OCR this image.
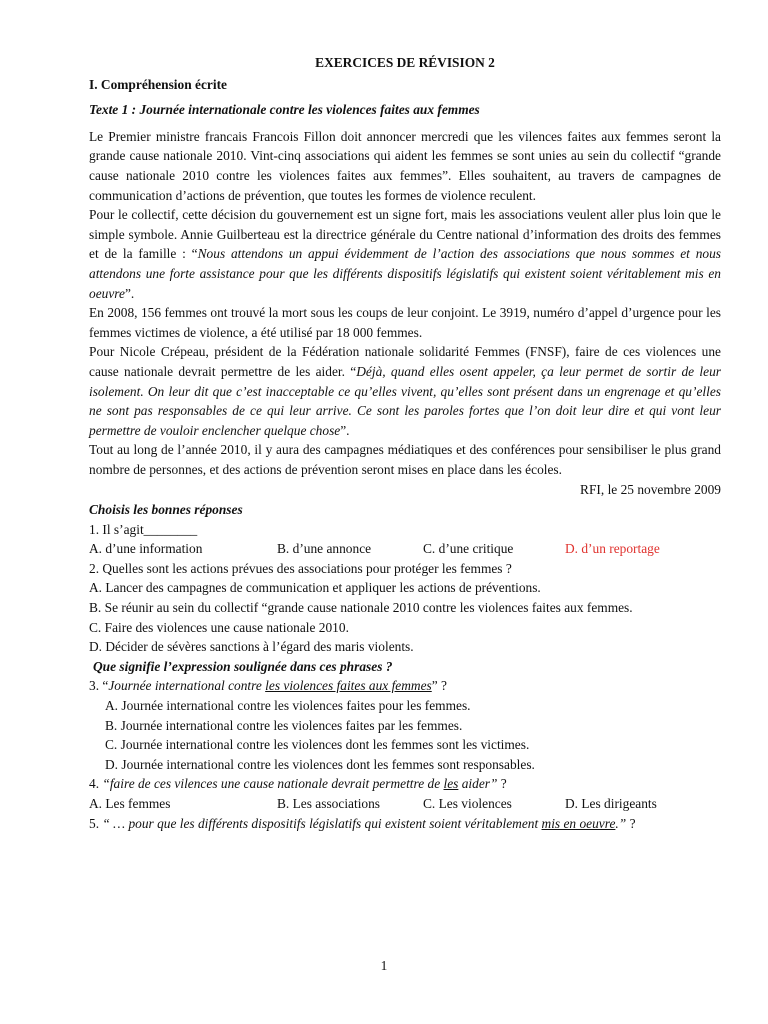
EXERCICES DE RÉVISION 2
I. Compréhension écrite
Texte 1 : Journée internationale contre les violences faites aux femmes

Le Premier ministre francais Francois Fillon doit annoncer mercredi que les vilences faites aux femmes seront la grande cause nationale 2010. Vint-cinq associations qui aident les femmes se sont unies au sein du collectif “grande cause nationale 2010 contre les violences faites aux femmes”. Elles souhaitent, au travers de campagnes de communication d’actions de prévention, que toutes les formes de violence reculent.

Pour le collectif, cette décision du gouvernement est un signe fort, mais les associations veulent aller plus loin que le simple symbole. Annie Guilberteau est la directrice générale du Centre national d’information des droits des femmes et de la famille : “Nous attendons un appui évidemment de l’action des associations que nous sommes et nous attendons une forte assistance pour que les différents dispositifs législatifs qui existent soient véritablement mis en oeuvre”.

En 2008, 156 femmes ont trouvé la mort sous les coups de leur conjoint. Le 3919, numéro d’appel d’urgence pour les femmes victimes de violence, a été utilisé par 18 000 femmes.

Pour Nicole Crépeau, président de la Fédération nationale solidarité Femmes (FNSF), faire de ces violences une cause nationale devrait permettre de les aider. “Déjà, quand elles osent appeler, ça leur permet de sortir de leur isolement. On leur dit que c’est inacceptable ce qu’elles vivent, qu’elles sont présent dans un engrenage et qu’elles ne sont pas responsables de ce qui leur arrive. Ce sont les paroles fortes que l’on doit leur dire et qui vont leur permettre de vouloir enclencher quelque chose”.

Tout au long de l’année 2010, il y aura des campagnes médiatiques et des conférences pour sensibiliser le plus grand nombre de personnes, et des actions de prévention seront mises en place dans les écoles.

RFI, le 25 novembre 2009
Choisis les bonnes réponses
1. Il s’agit________
A. d’une information	B. d’une annonce	C. d’une critique	D. d’un reportage
2. Quelles sont les actions prévues des associations pour protéger les femmes ?
A. Lancer des campagnes de communication et appliquer les actions de préventions.
B. Se réunir au sein du collectif “grande cause nationale 2010 contre les violences faites aux femmes.
C. Faire des violences une cause nationale 2010.
D. Décider de sévères sanctions à l’égard des maris violents.
Que signifie l’expression soulignée dans ces phrases ?
3. “Journée international contre les violences faites aux femmes” ?
A. Journée international contre les violences faites pour les femmes.
B. Journée international contre les violences faites par les femmes.
C. Journée international contre les violences dont les femmes sont les victimes.
D. Journée international contre les violences dont les femmes sont responsables.
4. “faire de ces vilences une cause nationale devrait permettre de les aider” ?
A. Les femmes	B. Les associations	C. Les violences	D. Les dirigeants

5. “ … pour que les différents dispositifs législatifs qui existent soient véritablement mis en oeuvre.” ?

1
